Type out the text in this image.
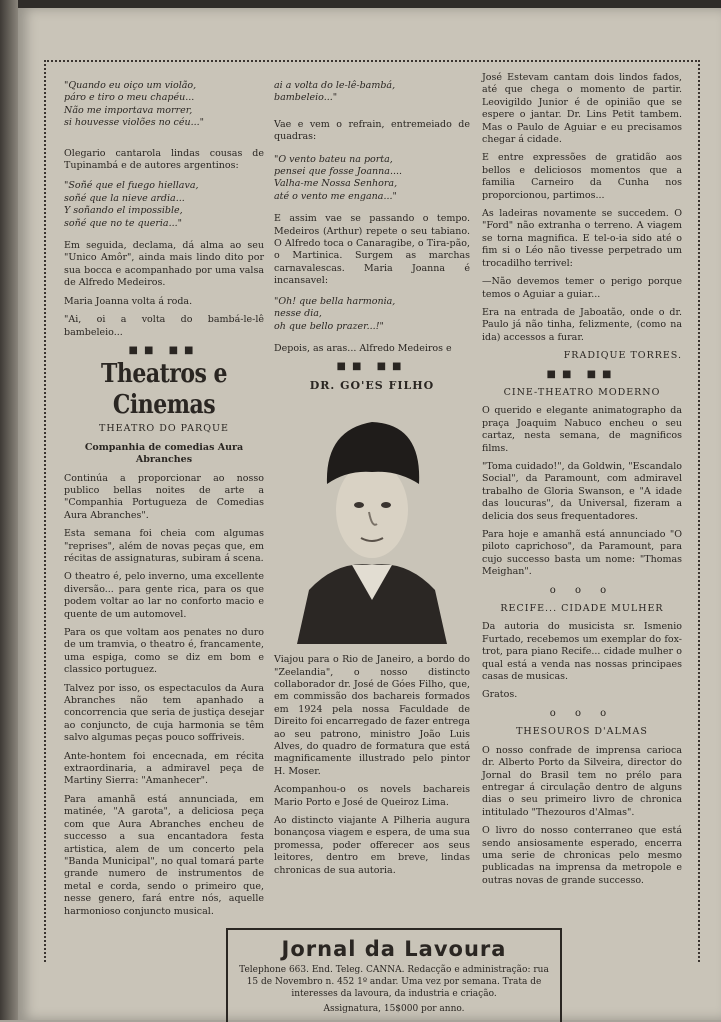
"Quando eu oiço um violão,
páro e tiro o meu chapéu...
Não me importava morrer,
si houvesse violões no céu..."

Olegario cantarola lindas cousas de Tupinambá e de autores argentinos:

"Soñé que el fuego hiellava,
soñé que la nieve ardia...
Y soñando el impossible,
soñé que no te queria..."

Em seguida, declama, dá alma ao seu "Unico Amôr", ainda mais lindo dito por sua bocca e acompanhado por uma valsa de Alfredo Medeiros.

Maria Joanna volta á roda.

"Ai, oi a volta do bambá-le-lê bambeleio...

■■ ■■
Theatros e Cinemas
THEATRO DO PARQUE
Companhia de comedias Aura Abranches

Continúa a proporcionar ao nosso publico bellas noites de arte a "Companhia Portugueza de Comedias Aura Abranches".

Esta semana foi cheia com algumas "reprises", além de novas peças que, em récitas de assignaturas, subiram á scena.

O theatro é, pelo inverno, uma excellente diversão... para gente rica, para os que podem voltar ao lar no conforto macio e quente de um automovel.

Para os que voltam aos penates no duro de um tramvia, o theatro é, francamente, uma espiga, como se diz em bom e classico portuguez.

Talvez por isso, os espectaculos da Aura Abranches não tem apanhado a concorrencia que seria de justiça desejar ao conjuncto, de cuja harmonia se têm salvo algumas peças pouco soffriveis.

Ante-hontem foi encecnada, em récita extraordinaria, a admiravel peça de Martiny Sierra: "Amanhecer".

Para amanhã está annunciada, em matinée, "A garota", a deliciosa peça com que Aura Abranches encheu de successo a sua encantadora festa artistica, alem de um concerto pela "Banda Municipal", no qual tomará parte grande numero de instrumentos de metal e corda, sendo o primeiro que, nesse genero, fará entre nós, aquelle harmonioso conjuncto musical.

ai a volta do le-lê-bambá,
bambeleio..."

Vae e vem o refrain, entremeiado de quadras:

"O vento bateu na porta,
pensei que fosse Joanna....
Valha-me Nossa Senhora,
até o vento me engana..."

E assim vae se passando o tempo. Medeiros (Arthur) repete o seu tabiano. O Alfredo toca o Canaragibe, o Tira-pão, o Martinica. Surgem as marchas carnavalescas. Maria Joanna é incansavel:

"Oh! que bella harmonia,
nesse dia,
oh que bello prazer...!"

Depois, as aras... Alfredo Medeiros e

■■ ■■
DR. GO'ES FILHO

Viajou para o Rio de Janeiro, a bordo do "Zeelandia", o nosso distincto collaborador dr. José de Góes Filho, que, em commissão dos bachareis formados em 1924 pela nossa Faculdade de Direito foi encarregado de fazer entrega ao seu patrono, ministro João Luis Alves, do quadro de formatura que está magnificamente illustrado pelo pintor H. Moser.

Acompanhou-o os novels bachareis Mario Porto e José de Queiroz Lima.

Ao distincto viajante A Pilheria augura bonançosa viagem e espera, de uma sua promessa, poder offerecer aos seus leitores, dentro em breve, lindas chronicas de sua autoria.

José Estevam cantam dois lindos fados, até que chega o momento de partir. Leovigildo Junior é de opinião que se espere o jantar. Dr. Lins Petit tambem. Mas o Paulo de Aguiar e eu precisamos chegar á cidade.

E entre expressões de gratidão aos bellos e deliciosos momentos que a familia Carneiro da Cunha nos proporcionou, partimos...

As ladeiras novamente se succedem. O "Ford" não extranha o terreno. A viagem se torna magnifica. E tel-o-ia sido até o fim si o Léo não tivesse perpetrado um trocadilho terrivel:

—Não devemos temer o perigo porque temos o Aguiar a guiar...

Era na entrada de Jaboatão, onde o dr. Paulo já não tinha, felizmente, (como na ida) accessos a furar.

FRADIQUE TORRES.

■■ ■■
CINE-THEATRO MODERNO

O querido e elegante animatographo da praça Joaquim Nabuco encheu o seu cartaz, nesta semana, de magnificos films.

"Toma cuidado!", da Goldwin, "Escandalo Social", da Paramount, com admiravel trabalho de Gloria Swanson, e "A idade das loucuras", da Universal, fizeram a delicia dos seus frequentadores.

Para hoje e amanhã está annunciado "O piloto caprichoso", da Paramount, para cujo successo basta um nome: "Thomas Meighan".

o o o
RECIFE... CIDADE MULHER

Da autoria do musicista sr. Ismenio Furtado, recebemos um exemplar do fox-trot, para piano Recife... cidade mulher o qual está a venda nas nossas principaes casas de musicas.

Gratos.

o o o
THESOUROS D'ALMAS

O nosso confrade de imprensa carioca dr. Alberto Porto da Silveira, director do Jornal do Brasil tem no prélo para entregar á circulação dentro de alguns dias o seu primeiro livro de chronica intitulado "Thezouros d'Almas".

O livro do nosso conterraneo que está sendo ansiosamente esperado, encerra uma serie de chronicas pelo mesmo publicadas na imprensa da metropole e outras novas de grande successo.

Jornal da Lavoura
Telephone 663. End. Teleg. CANNA. Redacção e administração: rua 15 de Novembro n. 452 1º andar. Uma vez por semana. Trata de interesses da lavoura, da industria e criação.
Assignatura, 15$000 por anno.
